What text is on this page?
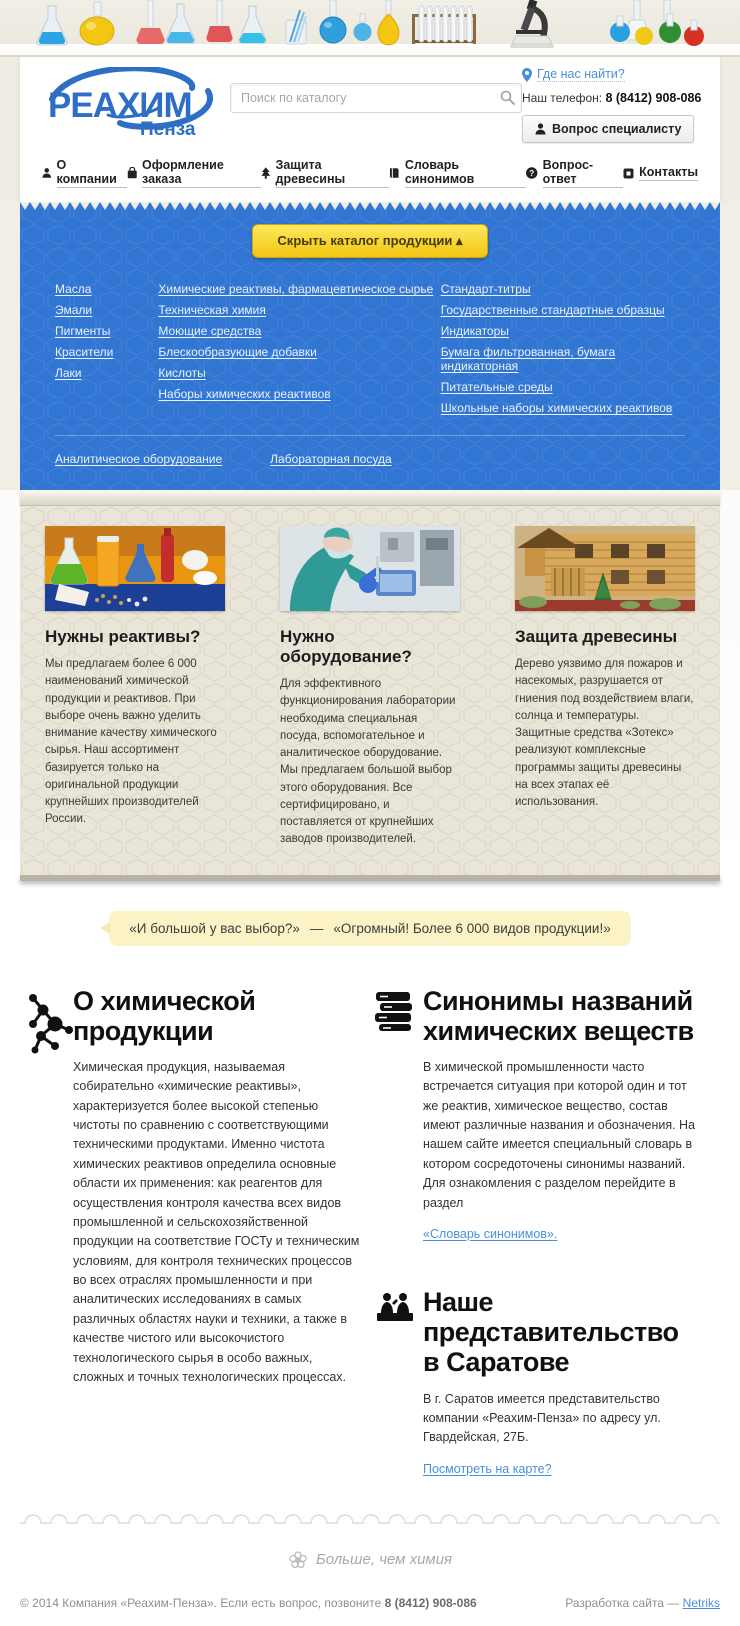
РЕАХИМ
Пенза
Поиск по каталогу
Где нас найти?
Наш телефон: 8 (8412) 908-086
Вопрос специалисту
О компании
Оформление заказа
Защита древесины
Словарь синонимов	?
Вопрос-ответ	Контакты
Скрыть каталог продукции ▴
Масла
Эмали
Пигменты
Красители
Лаки
Химические реактивы, фармацевтическое сырье
Техническая химия
Моющие средства
Блескообразующие добавки
Кислоты
Наборы химических реактивов
Стандарт-титры
Государственные стандартные образцы
Индикаторы
Бумага фильтрованная, бумага индикаторная
Питательные среды
Школьные наборы химических реактивов
Аналитическое оборудование	Лабораторная посуда
Нужны реактивы?

Мы предлагаем более 6 000 наименований химической продукции и реактивов. При выборе очень важно уделить внимание качеству химического сырья. Наш ассортимент базируется только на оригинальной продукции крупнейших производителей России.

Нужно оборудование?

Для эффективного функционирования лаборатории необходима специальная посуда, вспомогательное и аналитическое оборудование. Мы предлагаем большой выбор этого оборудования. Все сертифицировано, и поставляется от крупнейших заводов производителей.

Защита древесины

Дерево уязвимо для пожаров и насекомых, разрушается от гниения под воздействием влаги, солнца и температуры. Защитные средства «Зотекс» реализуют комплексные программы защиты древесины на всех этапах её использования.

«И большой у вас выбор?» — «Огромный! Более 6 000 видов продукции!»
О химической продукции

Химическая продукция, называемая собирательно «химические реактивы», характеризуется более высокой степенью чистоты по сравнению с соответствующими техническими продуктами. Именно чистота химических реактивов определила основные области их применения: как реагентов для осуществления контроля качества всех видов промышленной и сельскохозяйственной продукции на соответствие ГОСТу и техническим условиям, для контроля технических процессов во всех отраслях промышленности и при аналитических исследованиях в самых различных областях науки и техники, а также в качестве чистого или высокочистого технологического сырья в особо важных, сложных и точных технологических процессах.

Синонимы названий химических веществ

В химической промышленности часто встречается ситуация при которой один и тот же реактив, химическое вещество, состав имеют различные названия и обозначения. На нашем сайте имеется специальный словарь в котором сосредоточены синонимы названий. Для ознакомления с разделом перейдите в раздел

«Словарь синонимов».
Наше представительство в Саратове

В г. Саратов имеется представительство компании «Реахим-Пенза» по адресу ул. Гвардейская, 27Б.

Посмотреть на карте?
Больше, чем химия
© 2014 Компания «Реахим-Пенза». Если есть вопрос, позвоните 8 (8412) 908-086	Разработка сайта — Netriks
